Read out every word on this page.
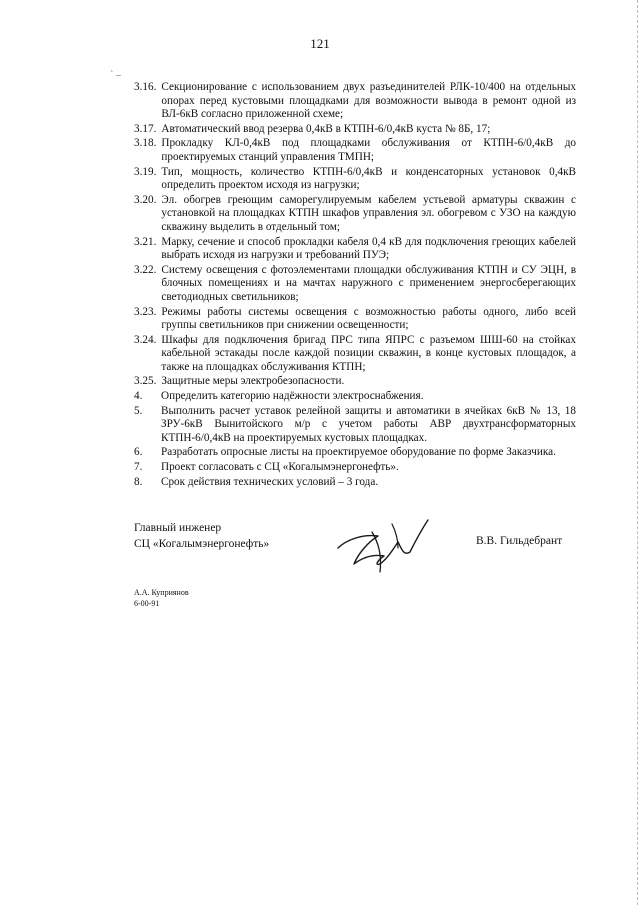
121
` –
3.16. Секционирование с использованием двух разъединителей РЛК-10/400 на отдельных опорах перед кустовыми площадками для возможности вывода в ремонт одной из ВЛ-6кВ согласно приложенной схеме;
3.17. Автоматический ввод резерва 0,4кВ в КТПН-6/0,4кВ куста № 8Б, 17;
3.18. Прокладку КЛ-0,4кВ под площадками обслуживания от КТПН-6/0,4кВ до проектируемых станций управления ТМПН;
3.19. Тип, мощность, количество КТПН-6/0,4кВ и конденсаторных установок 0,4кВ определить проектом исходя из нагрузки;
3.20. Эл. обогрев греющим саморегулируемым кабелем устьевой арматуры скважин с установкой на площадках КТПН шкафов управления эл. обогревом с УЗО на каждую скважину выделить в отдельный том;
3.21. Марку, сечение и способ прокладки кабеля 0,4 кВ для подключения греющих кабелей выбрать исходя из нагрузки и требований ПУЭ;
3.22. Систему освещения с фотоэлементами площадки обслуживания КТПН и СУ ЭЦН, в блочных помещениях и на мачтах наружного с применением энергосберегающих светодиодных светильников;
3.23. Режимы работы системы освещения с возможностью работы одного, либо всей группы светильников при снижении освещенности;
3.24. Шкафы для подключения бригад ПРС типа ЯПРС с разъемом ШШ-60 на стойках кабельной эстакады после каждой позиции скважин, в конце кустовых площадок, а также на площадках обслуживания КТПН;
3.25. Защитные меры электробезопасности.
4.	Определить категорию надёжности электроснабжения.
5.	Выполнить расчет уставок релейной защиты и автоматики в ячейках 6кВ № 13, 18 ЗРУ-6кВ Вынитойского м/р с учетом работы АВР двухтрансформаторных КТПН-6/0,4кВ на проектируемых кустовых площадках.
6.	Разработать опросные листы на проектируемое оборудование по форме Заказчика.
7.	Проект согласовать с СЦ «Когалымэнергонефть».
8.	Срок действия технических условий – 3 года.
Главный инженер
СЦ «Когалымэнергонефть»	В.В. Гильдебрант
А.А. Куприянов
6-00-91
